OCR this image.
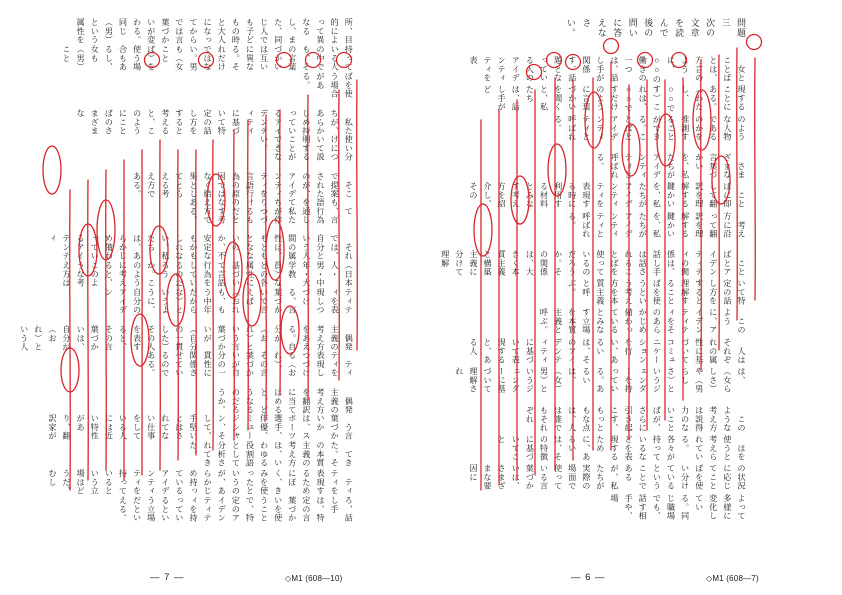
所、目的によって異なるし、また、同じ人でも子どもの時と大人になってからでは言葉づかいが変わる。同じ（男）という属性を
持っている人の中でも、その言葉づかいは互いに異なる。それだけではない。男も（女ことば）を使う場合もあるし、女も（男）こと
ばを使う場合がある。
　私たちが、あらかじめ持っているアイデンティティに基づいて特定の話し方をすると考えると、このようにことばのさまざまな
使い分けについて説明することができない。
　そこで提案されたのが、アイデンティティを言語行為の原因ではなく結果としてとらえる考え方である。
　ても、言語行為を通して私たちが作りつづけるものだとなす考え方である。
　それでは、自分という人間の属性は、もともとなないのか、不安定なもかもしれない。私たちは、あらかじめ備わっているアイデンティ
（日本人・男・中年・大学教員）などの各属性に基づいて言語行為をしているのだろうか。このように考えると、このような考え方は
ティティを表現しつづける、言葉づかいで言えば（おれも、もう中年だからな）というように、自分のアイデン
　偶発主義の考え方をあえる。自分が（おれ）という言葉づかいが（自分の一貫した）その人を表すると、その言葉づかいは、自分が（おれ）という人
　ティティを表現しつづける（おれ）、その言葉づかいが自分の一貫性に関係させているのである。
　偶発主義の考え方を翻訳に当てはめると、どうなるのだろうか。
　う言葉づかいかは、スポーツ選手、俳優、ミュージシャン、そして、手堅いとはされてない仕事をしている人には近い特性があり、翻訳家が
　てきた。その本質主義の考え方は、いわゆる役割語として分析されてきた。
　ティティを表現するためにぼく、きみを使ったというのが、あらかじめ持っているアイデンティティを持っているという立場はどうだ、むし
ろ、話し手は、特定の言葉づかいを使うことで、特定のアイデンティティを持っているという立場だといえる。
— 7 —	◇M1 (608—10)
問題三　次の文章を読んで後の問いに答えなさい。
　女とことばとは、方言のように、○○の働きの一つは、話し手が関係す、話題となっている人のアイデンティティを表
現することにある。（わたし、○○です）これは、○○ですだけのように言葉づかいを聞くと、私たちは、話し手がど
のような人物であるのかを推測することができる。ことばとアイデンティティと呼ばれる。
　さまざまな言葉づかいを、私たちがアイデンティティと呼ばれる。
　ことばに即して翻訳を理解する鍵かいを、私たちがアイデンティティを表現する時に利用する材料とみなす考え方を紹介し、その
　考え方に沿って翻訳を理解する鍵かいを、私たちがアイデンティティと呼ばれる。
　ことばとアイデンティティの関係は、話し手は話されることばを使っているのだろうか。その関係は、大きく本質主義と構築主義に分けて理解
いて特定の話し方をすると理解することばを使うという考え方を本質主義と呼ぶ。
　このように、アイデンティティをそのあらかじめ備わっているとみなす立場を本質主義と呼ぶ。
　人はそれぞれの属性に基づいてコミュニケーションを行い、あるいは、そのアイデンティティに基づいて表現すると、ある人
は、（女らしさ）や（男らしさ）というジェンダーを持っている。あるいは、（女）男）というジェンダーに基づいて理解され
　このような考え方は説得力のないことばが、さらに引き起こす、もっともな点は、人は誰でもそれぞれ
　はを使うと考えられている。各々が持っているなどを表現するために、あるいは、その特徴に基づいてこと
の状況に応じてことばを使い分けているということであるが、私たちが実際の場面で使っている言葉づかいは、さまざまな要因に
よって多様に変化している。同じ職場でも、話す相手や、場
— 6 —	◇M1 (608—7)
